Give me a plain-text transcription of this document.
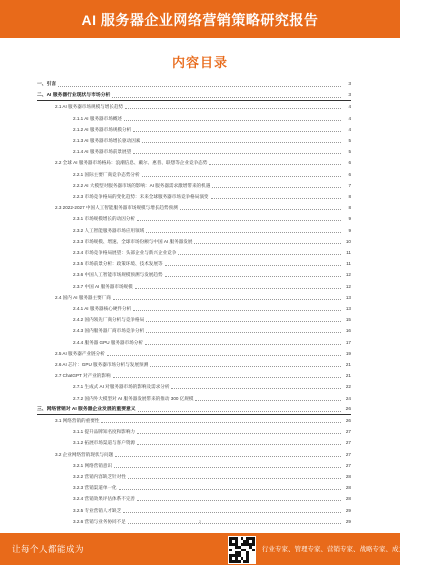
AI 服务器企业网络营销策略研究报告
内容目录
一、引言	3
二、AI 服务器行业现状与市场分析	3
2.1 AI 服务器市场规模与增长趋势	4
2.1.1 AI 服务器市场概述	4
2.1.2 AI 服务器市场规模分析	4
2.1.3 AI 服务器市场增长驱动因素	5
2.1.4 AI 服务器市场前景展望	5
2.2 全球 AI 服务器市场格局：浪潮信息、戴尔、惠普、联想等企业竞争态势	6
2.2.1 国际主要厂商竞争态势分析	6
2.2.2 AI 大模型对服务器市场的影响：AI 服务器需求激增带来的机遇	7
2.2.3 市场竞争格局的变化趋势：未来全球服务器市场竞争格局演变	8
2.3 2022-2027 中国人工智能服务器市场规模与增长趋势预测	8
2.3.1 市场规模增长的动因分析	9
2.3.2 人工智能服务器市场应用领域	9
2.3.3 市场规模、增速、全球市场份额与中国 AI 服务器发展	10
2.3.4 市场竞争格局展望：头部企业与新兴企业竞争	11
2.3.5 市场前景分析：政策环境、技术发展等	11
2.3.6 中国人工智能市场规模预测与发展趋势	12
2.3.7 中国 AI 服务器市场规模	12
2.4 国内 AI 服务器主要厂商	13
2.4.1 AI 服务器核心硬件分析	13
2.4.2 国内领先厂商分析与竞争格局	15
2.4.3 国内服务器厂商市场竞争分析	16
2.4.4 服务器 GPU 服务器市场分析	17
2.5 AI 服务器产业链分析	19
2.6 AI 芯片：GPU 服务器市场分析与发展预测	21
2.7 ChatGPT 对产业的影响	21
2.7.1 生成式 AI 对服务器市场的影响及需求分析	22
2.7.2 国内外大模型对 AI 服务器发展带来的推动 300 亿规模	24
三、网络营销对 AI 服务器企业发展的重要意义	26
3.1 网络营销的重要性	26
3.1.1 提升品牌知名度和影响力	27
3.1.2 拓展市场渠道与客户资源	27
3.2 企业网络营销现状与问题	27
3.2.1 网络营销意识	27
3.2.2 营销内容缺乏针对性	28
3.2.3 营销渠道单一化	28
3.2.4 营销效果评估体系不完善	28
3.2.5 专业营销人才缺乏	29
3.2.6 营销与业务协同不足	29
2
让每个人都能成为	行业专家、管理专家、营销专家、战略专家、成为企业家……
